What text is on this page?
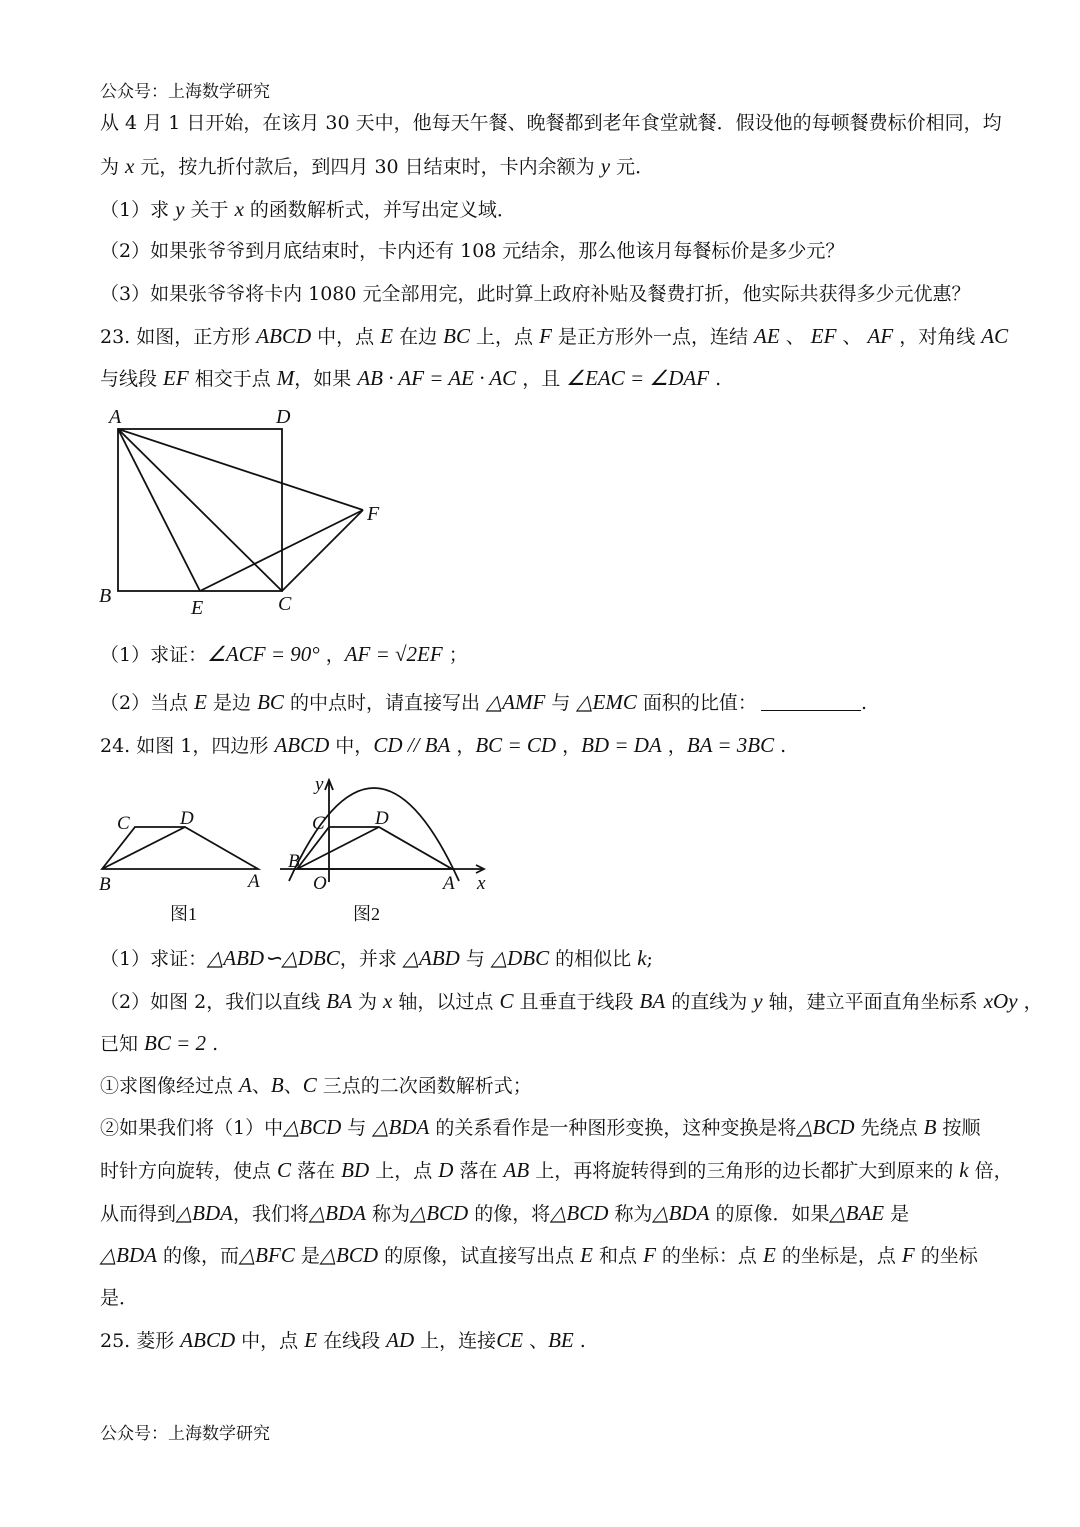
公众号：上海数学研究
从 4 月 1 日开始，在该月 30 天中，他每天午餐、晚餐都到老年食堂就餐．假设他的每顿餐费标价相同，均
为 x 元，按九折付款后，到四月 30 日结束时，卡内余额为 y 元．
（1）求 y 关于 x 的函数解析式，并写出定义域．
（2）如果张爷爷到月底结束时，卡内还有 108 元结余，那么他该月每餐标价是多少元？
（3）如果张爷爷将卡内 1080 元全部用完，此时算上政府补贴及餐费打折，他实际共获得多少元优惠？
23. 如图，正方形 ABCD 中，点 E 在边 BC 上，点 F 是正方形外一点，连结 AE 、 EF 、 AF ，对角线 AC
与线段 EF 相交于点 M，如果 AB · AF = AE · AC ，且 ∠EAC = ∠DAF .
A	D
F
B
E	C
（1）求证：∠ACF = 90° ，AF = √2EF ；
（2）当点 E 是边 BC 的中点时，请直接写出 △AMF 与 △EMC 面积的比值：	.
24. 如图 1，四边形 ABCD 中，CD // BA ，BC = CD ，BD = DA ，BA = 3BC .
C	D
B	A
图1
y
C	D
B
O	A x
图2
（1）求证：△ABD∽△DBC，并求 △ABD 与 △DBC 的相似比 k;
（2）如图 2，我们以直线 BA 为 x 轴，以过点 C 且垂直于线段 BA 的直线为 y 轴，建立平面直角坐标系 xOy ，
已知 BC = 2 .
①求图像经过点 A、B、C 三点的二次函数解析式；
②如果我们将（1）中△BCD 与 △BDA 的关系看作是一种图形变换，这种变换是将△BCD 先绕点 B 按顺
时针方向旋转，使点 C 落在 BD 上，点 D 落在 AB 上，再将旋转得到的三角形的边长都扩大到原来的 k 倍，
从而得到△BDA，我们将△BDA 称为△BCD 的像，将△BCD 称为△BDA 的原像．如果△BAE 是
△BDA 的像，而△BFC 是△BCD 的原像，试直接写出点 E 和点 F 的坐标：点 E 的坐标是，点 F 的坐标
是．
25. 菱形 ABCD 中，点 E 在线段 AD 上，连接CE 、BE .
公众号：上海数学研究
